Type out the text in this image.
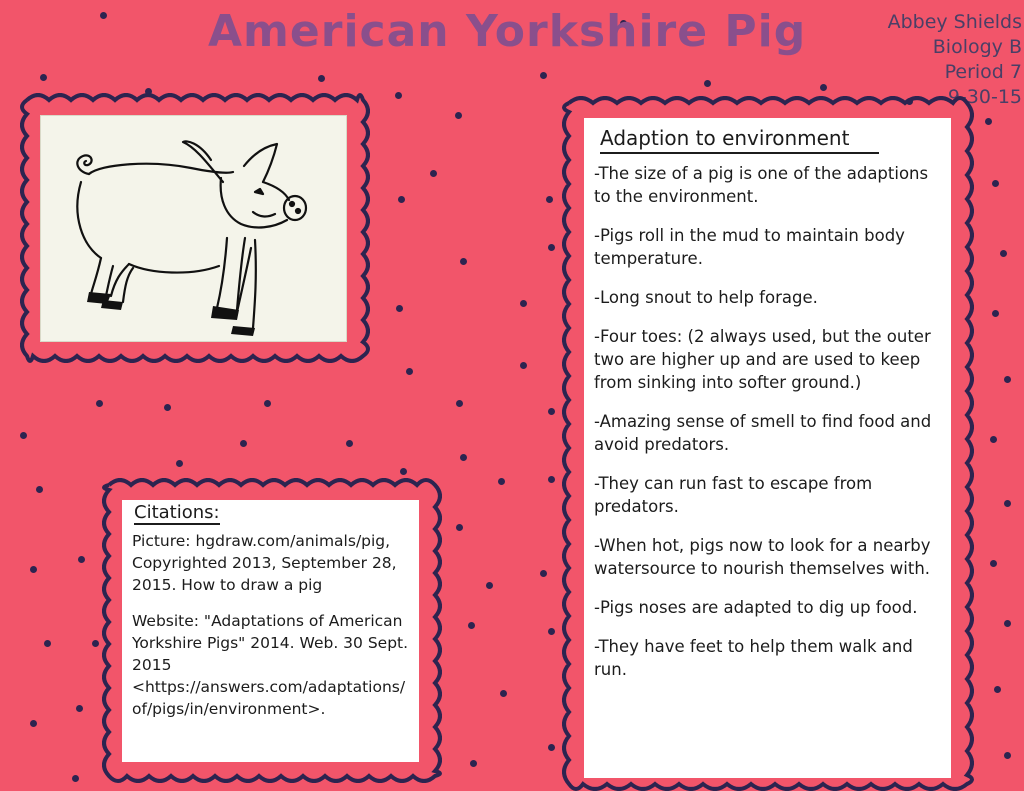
American Yorkshire Pig	Abbey Shields
Biology B
Period 7
9-30-15
Citations:

Picture: hgdraw.com/animals/pig, Copyrighted 2013, September 28, 2015. How to draw a pig

Website: "Adaptations of American Yorkshire Pigs" 2014. Web. 30 Sept. 2015 <https://answers.com/adaptations/of/pigs/in/environment>.

Adaption to environment
-The size of a pig is one of the adaptions to the environment.
-Pigs roll in the mud to maintain body temperature.
-Long snout to help forage.
-Four toes: (2 always used, but the outer two are higher up and are used to keep from sinking into softer ground.)
-Amazing sense of smell to find food and avoid predators.
-They can run fast to escape from predators.
-When hot, pigs now to look for a nearby watersource to nourish themselves with.
-Pigs noses are adapted to dig up food.
-They have feet to help them walk and run.
